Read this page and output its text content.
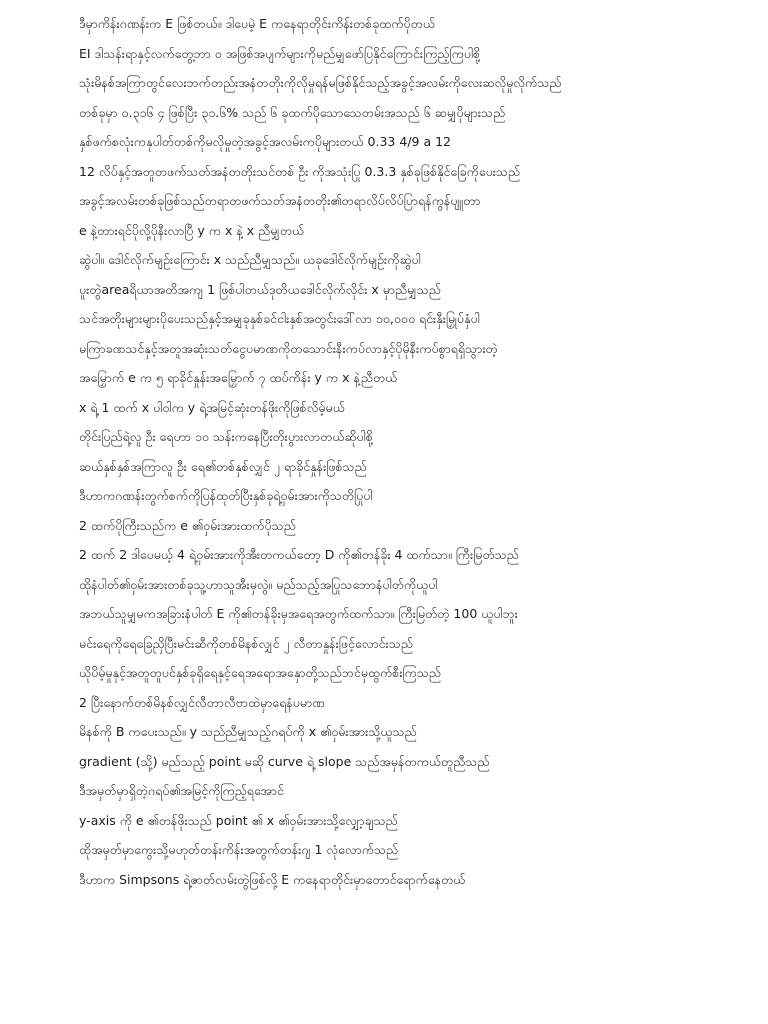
ဒီမှာကိန်းဂဏန်းက E ဖြစ်တယ်။ ဒါပေမဲ့ E ကနေရာတိုင်းကိန်းတစ်ခုထက်ပိုတယ်
EI ဒါသန်းရာနှင့်လက်တွေ့ဘာ ၀ အဖြစ်အပျက်များကိုမည်မျှဖော်ပြနိုင်ကြောင်းကြည့်ကြပါစို့
သုံးမိနစ်အကြာတွင်လေးဘက်တည်းအနံတတိုးကိုလိုမှုရန်မဖြစ်နိုင်သည့်အခွင့်အလမ်းကိုလေးဆလိုမှုလိုက်သည်
တစ်ခုမှာ ၀.၃၁၆ ၄ ဖြစ်ပြီး ၃၁.၆% သည် ၆ ခုထက်ပိုသောသေတမ်းအသည် ၆ ဆမျှပိုများသည်
နှစ်ဖက်စလုံးကနုပါတ်တစ်ကိုမလိုမှုတဲ့အခွင့်အလမ်းကပိုများတယ် 0.33 4/9 a 12
12 လိပ်နှင့်အတူတဖက်သတ်အနံတတိုးသင်တစ် ဦး ကိုအသုံးပြု 0.3.3 နှစ်ခုဖြစ်နိုင်ခြေကိုပေးသည်
အခွင့်အလမ်းတစ်ခုဖြစ်သည်တရာတဖက်သတ်အနံတတိုး၏တရာလိပ်လိပ်ပြာရန်ကွန်ပျူတာ
e နဲ့တားရင်ပိုလို့ပိုနီးလာပြီ y က x နဲ့ x ညီမျှတယ်
ဆွဲပါ။ ဒေါင်လိုက်မျဉ်းကြောင်း x သည်ညီမျှသည်။ ယခုဒေါင်လိုက်မျဉ်းကိုဆွဲပါ
ပူးတွဲareaရိယာအတိအကျ 1 ဖြစ်ပါတယ်ဒုတိယဒေါင်လိုက်လိုင်း x မှာညီမျှသည်
သင်အတိုးများများပိုပေးသည်နှင့်အမျှခုနှစ်ခင်ငါးနှစ်အတွင်းဒေါ်လာ ၁၀,၀၀၀ ရင်းနှီးမြှုပ်နှံပါ
မကြာခဏသင်နှင့်အတူအဆုံးသတ်ငွေပမာဏကိုတသောင်းနီးကပ်လာနှင့်ပိုမိုနီးကပ်စွာရရှိသွားတဲ့
အမြှောက် e က ၅ ရာခိုင်နှုန်းအမြှောက် ၇ ထပ်ကိန်း y က x နဲ့ညီတယ်
x ရဲ့ 1 ထက် x ပါဝါက y ရဲ့အမြင့်ဆုံးတန်ဖိုးကိုဖြစ်လိမ့်မယ်
တိုင်းပြည်ရဲ့လူ ဦး ရေဟာ ၁၀ သန်းကနေပြီးတိုးပွားလာတယ်ဆိုပါစို့
ဆယ်နှစ်နှစ်အကြာလူ ဦး ရေ၏တစ်နှစ်လျှင် ၂ ရာခိုင်နှုန်းဖြစ်သည်
ဒီဟာကဂဏန်းတွက်စက်ကိုပြန်ထုတ်ပြီးနှစ်ခုရဲ့ဝှမ်းအားကိုသတိပြုပါ
2 ထက်ပိုကြီးသည်က e ၏ဝှမ်းအားထက်ပိုသည်
2 ထက် 2 ဒါပေမယ့် 4 ရဲ့ဝှမ်းအားကိုအီးတကယ်တော့ D ကို၏တန်ခိုး 4 ထက်သာ။ ကြီးမြတ်သည်
ထိုနံပါတ်၏ဝှမ်းအားတစ်ခုသူ့ဟာသူအီးမှလွဲ။ မည်သည့်အပြုသဘောနံပါတ်ကိုယူပါ
အဘယ်သူမျှမကအခြားနံပါတ် E ကို၏တန်ခိုးမှအရေအတွက်ထက်သာ။ ကြီးမြတ်တဲ့ 100 ယူပါဘူး
မင်းရေကိုရေခြေညှိပြီးမင်းဆီကိုတစ်မိနစ်လျှင် ၂ လီတာနှုန်းဖြင့်လောင်းသည်
ယိုပိမ့်မှုနှင့်အတူတူပင်နှစ်ခုရှိရေနှင့်ရေအရောအနှောတို့သည်ဘင်မှထွက်စီးကြသည်
2 ပြီးနောက်တစ်မိနစ်လျှင်လီတာလီဗာထဲမှာရေနံပမာဏ
မိနစ်ကို B ကပေးသည်။ y သည်ညီမျှသည့်ဂရပ်ကို x ၏ဝှမ်းအားသို့ယူသည်
gradient (သို့) မည်သည့် point မဆို curve ရဲ့ slope သည်အမှန်တကယ်တူညီသည်
ဒီအမှတ်မှာရှိတဲ့ဂရပ်၏အမြင့်ကိုကြည့်ရအောင်
y-axis ကို e ၏တန်ဖိုးသည် point ၏ x ၏ဝှမ်းအားသို့လျှော့ချသည်
ထိုအမှတ်မှာကွေးသို့မဟုတ်တန်းကိန်းအတွက်တန်းဂျ 1 လုံလောက်သည်
ဒီဟာက Simpsons ရဲ့ဇာတ်လမ်းတွဲဖြစ်လို့ E ကနေရာတိုင်းမှာတောင်ရောက်နေတယ်
